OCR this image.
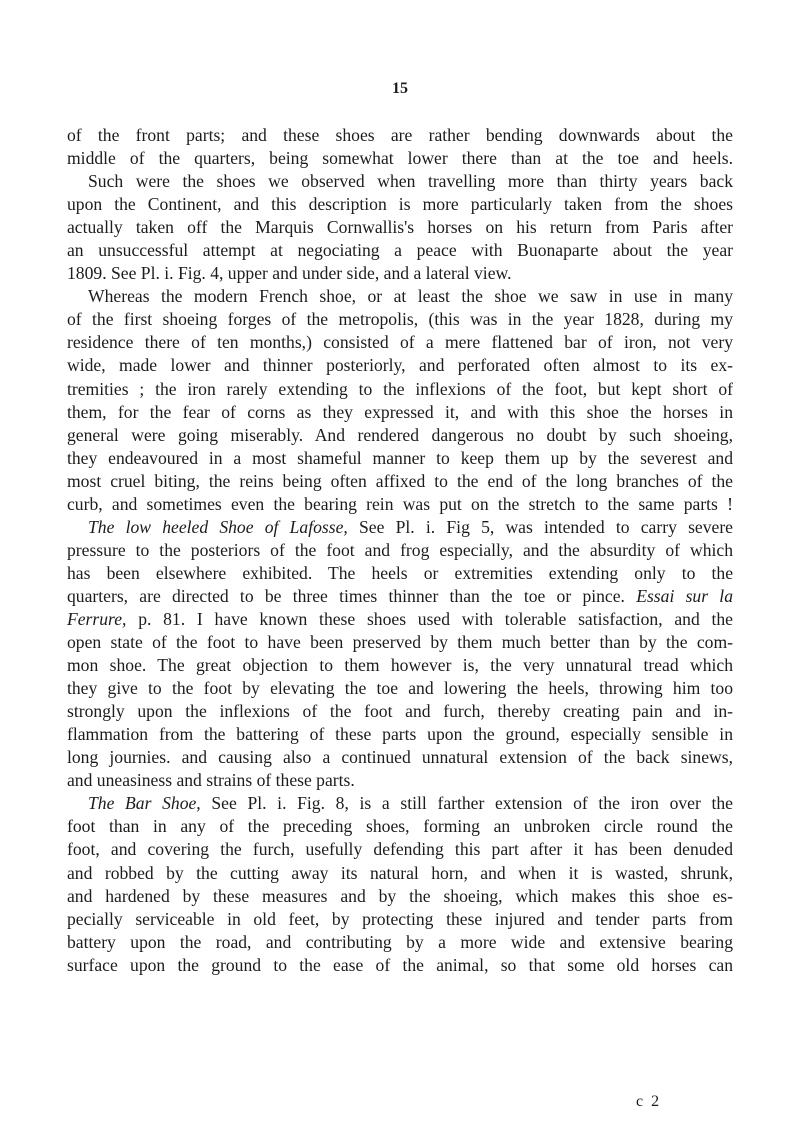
15
of the front parts; and these shoes are rather bending downwards about the
middle of the quarters, being somewhat lower there than at the toe and heels.
Such were the shoes we observed when travelling more than thirty years back
upon the Continent, and this description is more particularly taken from the shoes
actually taken off the Marquis Cornwallis's horses on his return from Paris after
an unsuccessful attempt at negociating a peace with Buonaparte about the year
1809. See Pl. i. Fig. 4, upper and under side, and a lateral view.
Whereas the modern French shoe, or at least the shoe we saw in use in many
of the first shoeing forges of the metropolis, (this was in the year 1828, during my
residence there of ten months,) consisted of a mere flattened bar of iron, not very
wide, made lower and thinner posteriorly, and perforated often almost to its ex-
tremities ; the iron rarely extending to the inflexions of the foot, but kept short of
them, for the fear of corns as they expressed it, and with this shoe the horses in
general were going miserably. And rendered dangerous no doubt by such shoeing,
they endeavoured in a most shameful manner to keep them up by the severest and
most cruel biting, the reins being often affixed to the end of the long branches of the
curb, and sometimes even the bearing rein was put on the stretch to the same parts !
The low heeled Shoe of Lafosse, See Pl. i. Fig 5, was intended to carry severe
pressure to the posteriors of the foot and frog especially, and the absurdity of which
has been elsewhere exhibited. The heels or extremities extending only to the
quarters, are directed to be three times thinner than the toe or pince. Essai sur la
Ferrure, p. 81. I have known these shoes used with tolerable satisfaction, and the
open state of the foot to have been preserved by them much better than by the com-
mon shoe. The great objection to them however is, the very unnatural tread which
they give to the foot by elevating the toe and lowering the heels, throwing him too
strongly upon the inflexions of the foot and furch, thereby creating pain and in-
flammation from the battering of these parts upon the ground, especially sensible in
long journies. and causing also a continued unnatural extension of the back sinews,
and uneasiness and strains of these parts.
The Bar Shoe, See Pl. i. Fig. 8, is a still farther extension of the iron over the
foot than in any of the preceding shoes, forming an unbroken circle round the
foot, and covering the furch, usefully defending this part after it has been denuded
and robbed by the cutting away its natural horn, and when it is wasted, shrunk,
and hardened by these measures and by the shoeing, which makes this shoe es-
pecially serviceable in old feet, by protecting these injured and tender parts from
battery upon the road, and contributing by a more wide and extensive bearing
surface upon the ground to the ease of the animal, so that some old horses can
c 2
